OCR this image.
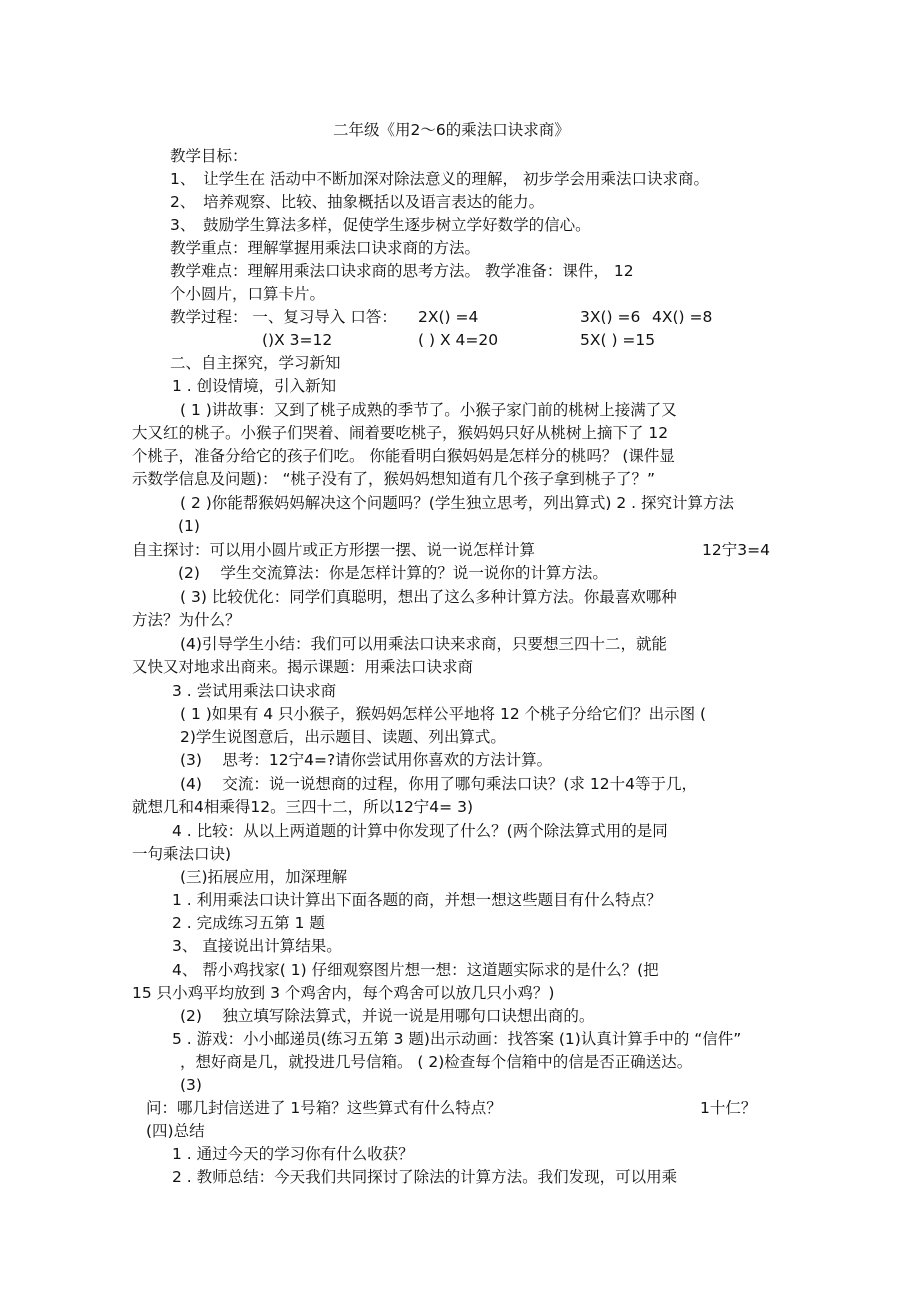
二年级《用2〜6的乘法口诀求商》
教学目标：
1、　让学生在 活动中不断加深对除法意义的理解， 初步学会用乘法口诀求商。
2、　培养观察、比较、抽象概括以及语言表达的能力。
3、　鼓励学生算法多样，促使学生逐步树立学好数学的信心。
教学重点：理解掌握用乘法口诀求商的方法。
教学难点：理解用乘法口诀求商的思考方法。 教学准备：课件， 12
个小圆片，口算卡片。
教学过程： 一、复习导入 口答： 2X() =4	3X() =6 4X() =8
()X 3=12	( ) X 4=20	5X( ) =15
二、自主探究，学习新知
1 . 创设情境，引入新知
( 1 )讲故事：又到了桃子成熟的季节了。小猴子家门前的桃树上接满了又
大又红的桃子。小猴子们哭着、闹着要吃桃子，猴妈妈只好从桃树上摘下了 12
个桃子，准备分给它的孩子们吃。 你能看明白猴妈妈是怎样分的桃吗？ (课件显
示数学信息及问题)： “桃子没有了，猴妈妈想知道有几个孩子拿到桃子了？”
( 2 )你能帮猴妈妈解决这个问题吗？(学生独立思考，列出算式) 2 . 探究计算方法
(1)
自主探讨：可以用小圆片或正方形摆一摆、说一说怎样计算	12宁3=4
(2)　 学生交流算法：你是怎样计算的？说一说你的计算方法。
( 3) 比较优化：同学们真聪明，想出了这么多种计算方法。你最喜欢哪种
方法？为什么？
(4)引导学生小结：我们可以用乘法口诀来求商，只要想三四十二，就能
又快又对地求出商来。揭示课题：用乘法口诀求商
3 . 尝试用乘法口诀求商
( 1 )如果有 4 只小猴子，猴妈妈怎样公平地将 12 个桃子分给它们？出示图 (
2)学生说图意后，出示题目、读题、列出算式。
(3)　 思考：12宁4=?请你尝试用你喜欢的方法计算。
(4)　 交流：说一说想商的过程，你用了哪句乘法口诀？(求 12十4等于几，
就想几和4相乘得12。三四十二，所以12宁4= 3)
4 . 比较：从以上两道题的计算中你发现了什么？(两个除法算式用的是同
一句乘法口诀)
(三)拓展应用，加深理解
1 . 利用乘法口诀计算出下面各题的商，并想一想这些题目有什么特点？
2 . 完成练习五第 1 题
3、 直接说出计算结果。
4、 帮小鸡找家( 1) 仔细观察图片想一想：这道题实际求的是什么？(把
15 只小鸡平均放到 3 个鸡舍内，每个鸡舍可以放几只小鸡？)
(2)　 独立填写除法算式，并说一说是用哪句口诀想出商的。
5 . 游戏：小小邮递员(练习五第 3 题)出示动画：找答案 (1)认真计算手中的 “信件”
，想好商是几，就投进几号信箱。 ( 2)检查每个信箱中的信是否正确送达。
(3)
问：哪几封信送进了 1号箱？这些算式有什么特点？	1十仁？
(四)总结
1 . 通过今天的学习你有什么收获？
2 . 教师总结：今天我们共同探讨了除法的计算方法。我们发现，可以用乘
